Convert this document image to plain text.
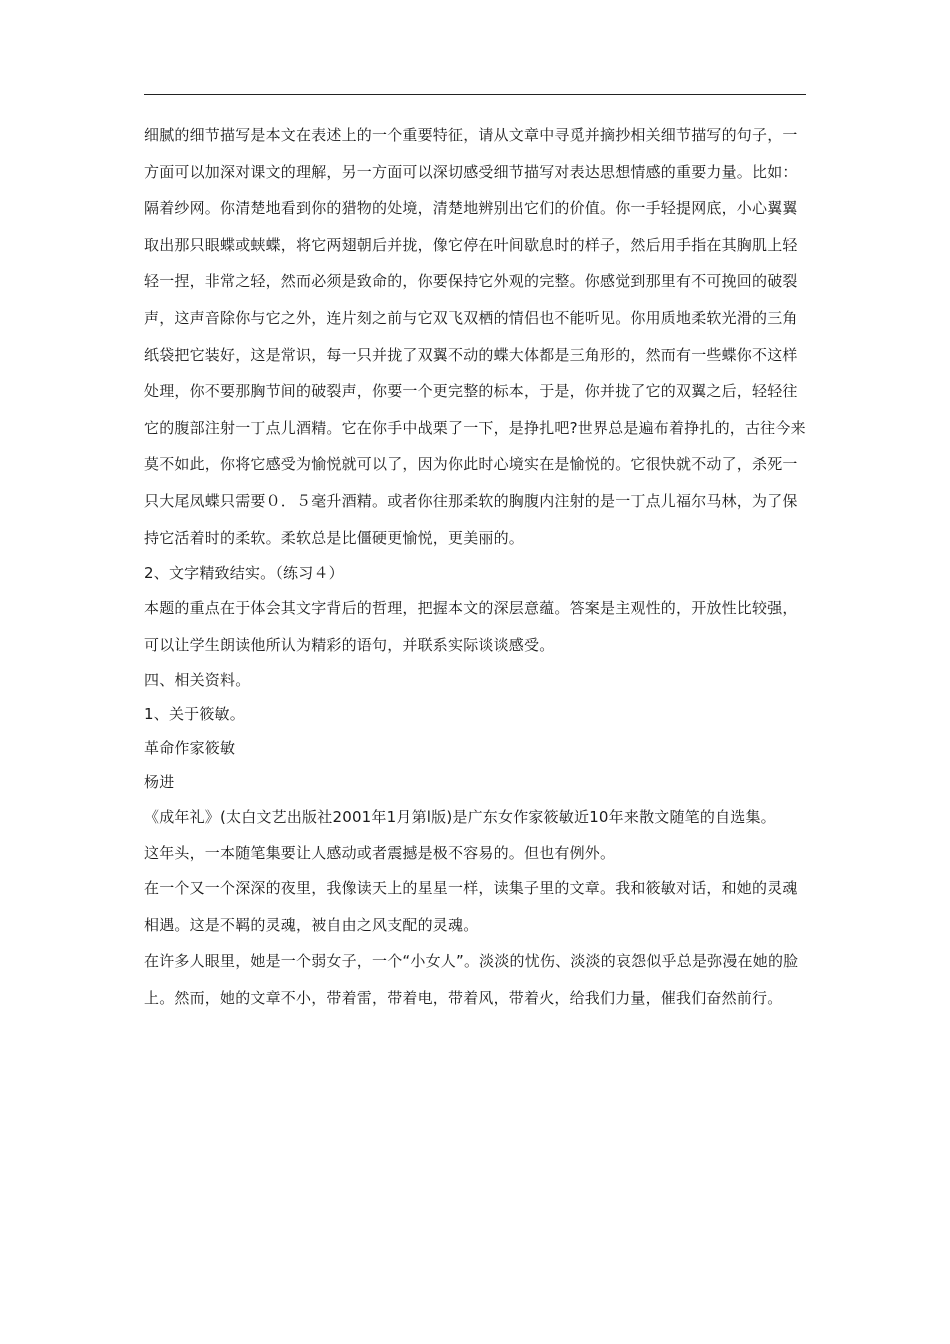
细腻的细节描写是本文在表述上的一个重要特征，请从文章中寻觅并摘抄相关细节描写的句子，一方面可以加深对课文的理解，另一方面可以深切感受细节描写对表达思想情感的重要力量。比如：

隔着纱网。你清楚地看到你的猎物的处境，清楚地辨别出它们的价值。你一手轻提网底，小心翼翼取出那只眼蝶或蛱蝶，将它两翅朝后并拢，像它停在叶间歇息时的样子，然后用手指在其胸肌上轻轻一捏，非常之轻，然而必须是致命的，你要保持它外观的完整。你感觉到那里有不可挽回的破裂声，这声音除你与它之外，连片刻之前与它双飞双栖的情侣也不能听见。你用质地柔软光滑的三角纸袋把它装好，这是常识，每一只并拢了双翼不动的蝶大体都是三角形的，然而有一些蝶你不这样处理，你不要那胸节间的破裂声，你要一个更完整的标本，于是，你并拢了它的双翼之后，轻轻往它的腹部注射一丁点儿酒精。它在你手中战栗了一下，是挣扎吧?世界总是遍布着挣扎的，古往今来莫不如此，你将它感受为愉悦就可以了，因为你此时心境实在是愉悦的。它很快就不动了，杀死一只大尾凤蝶只需要０．５毫升酒精。或者你往那柔软的胸腹内注射的是一丁点儿福尔马林，为了保持它活着时的柔软。柔软总是比僵硬更愉悦，更美丽的。

2、文字精致结实。（练习４）

本题的重点在于体会其文字背后的哲理，把握本文的深层意蕴。答案是主观性的，开放性比较强，可以让学生朗读他所认为精彩的语句，并联系实际谈谈感受。

四、相关资料。

1、关于筱敏。

革命作家筱敏

杨进

《成年礼》(太白文艺出版社2001年1月第l版)是广东女作家筱敏近10年来散文随笔的自选集。

这年头，一本随笔集要让人感动或者震撼是极不容易的。但也有例外。

在一个又一个深深的夜里，我像读天上的星星一样，读集子里的文章。我和筱敏对话，和她的灵魂相遇。这是不羁的灵魂，被自由之风支配的灵魂。

在许多人眼里，她是一个弱女子，一个“小女人”。淡淡的忧伤、淡淡的哀怨似乎总是弥漫在她的脸上。然而，她的文章不小，带着雷，带着电，带着风，带着火，给我们力量，催我们奋然前行。
